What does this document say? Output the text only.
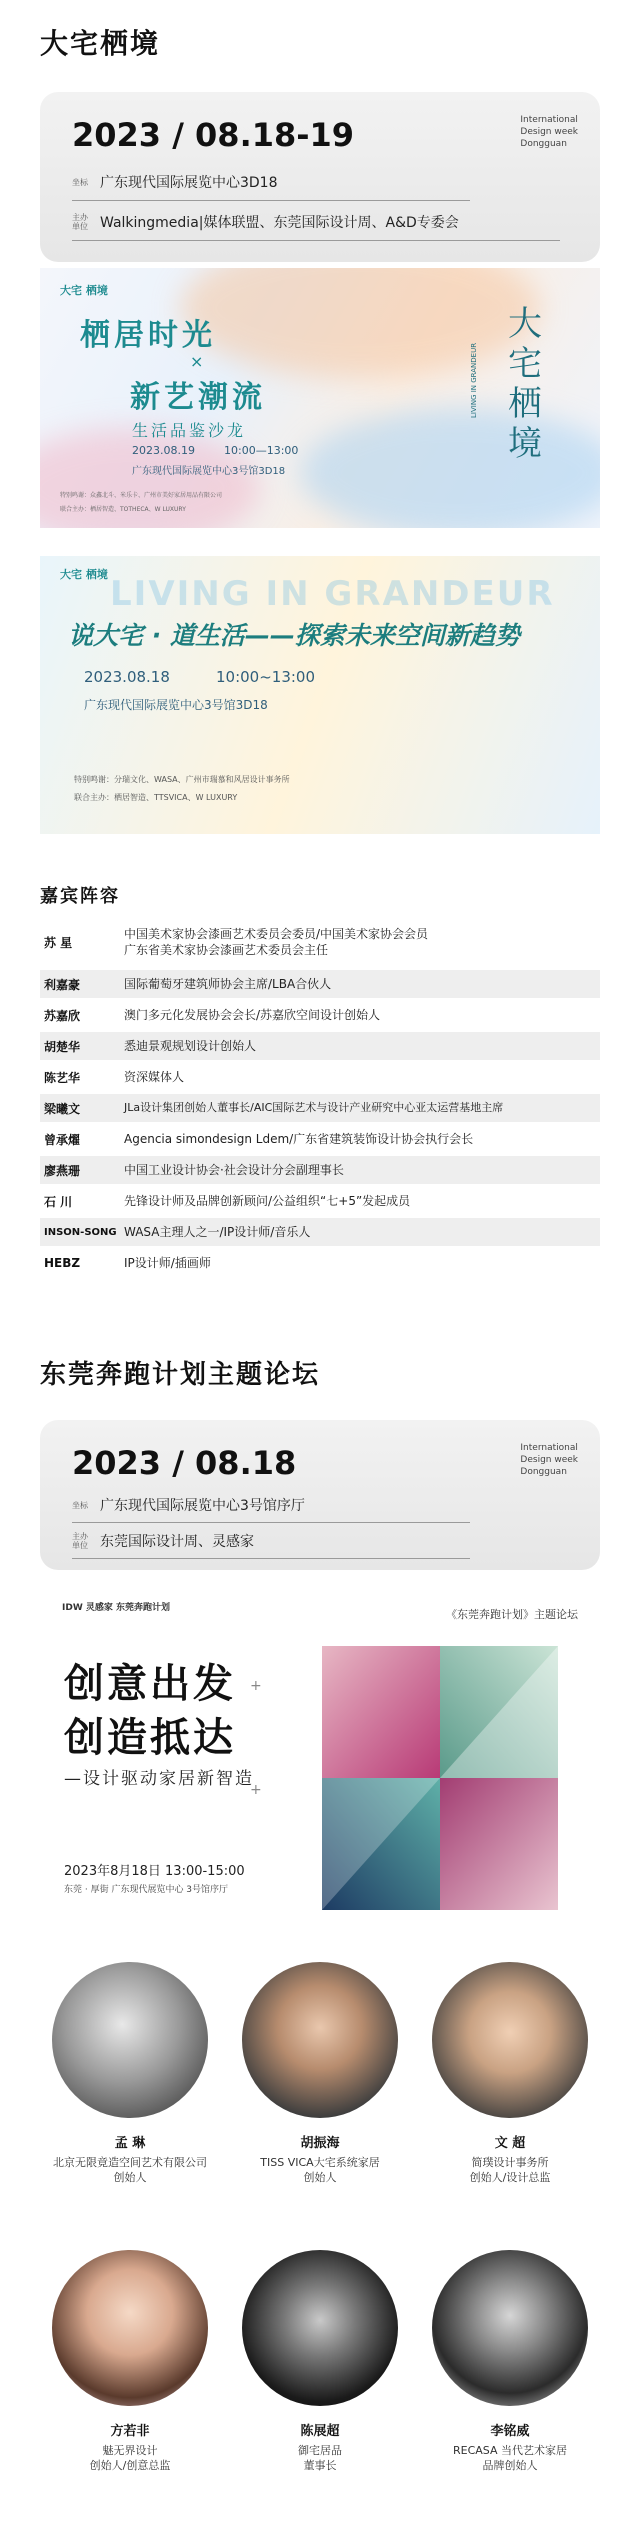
大宅栖境
2023 / 08.18-19	International
Design week
Dongguan
坐标 广东现代国际展览中心3D18
主办单位 Walkingmedia|媒体联盟、东莞国际设计周、A&D专委会
大宅 栖境
栖居时光
×
新艺潮流
生活品鉴沙龙
2023.08.19	10:00—13:00
广东现代国际展览中心3号馆3D18
特别鸣谢：众鑫北斗、米乐卡、广州市美好家居用品有限公司
联合主办：栖居智造、TOTHECA、W LUXURY
大宅栖境
LIVING IN GRANDEUR
LIVING IN GRANDEUR
大宅 栖境
说大宅 · 道生活——探索未来空间新趋势
2023.08.18	10:00~13:00
广东现代国际展览中心3号馆3D18
特别鸣谢：分瑞文化、WASA、广州市瑞慕和风居设计事务所
联合主办：栖居智造、TTSVICA、W LUXURY
嘉宾阵容
苏 星
中国美术家协会漆画艺术委员会委员/中国美术家协会会员
广东省美术家协会漆画艺术委员会主任
利嘉豪	国际葡萄牙建筑师协会主席/LBA合伙人
苏嘉欣	澳门多元化发展协会会长/苏嘉欣空间设计创始人
胡楚华	悉迪景观规划设计创始人
陈艺华	资深媒体人
梁曦文	JLa设计集团创始人董事长/AIC国际艺术与设计产业研究中心亚太运营基地主席
曾承燿	Agencia simondesign Ldem/广东省建筑装饰设计协会执行会长
廖燕珊	中国工业设计协会·社会设计分会副理事长
石 川	先锋设计师及品牌创新顾问/公益组织“七+5”发起成员
INSON-SONG WASA主理人之一/IP设计师/音乐人
HEBZ	IP设计师/插画师
东莞奔跑计划主题论坛
2023 / 08.18	International
Design week
Dongguan
坐标 广东现代国际展览中心3号馆序厅
主办单位 东莞国际设计周、灵感家
IDW 灵感家 东莞奔跑计划	《东莞奔跑计划》主题论坛
创意出发
创造抵达
—设计驱动家居新智造
+
+
2023年8月18日 13:00-15:00
东莞 · 厚街 广东现代展览中心 3号馆序厅
孟 琳
北京无限竟造空间艺术有限公司
创始人
胡振海
TISS VICA大宅系统家居
创始人
文 超
简璞设计事务所
创始人/设计总监
方若非
魅无界设计
创始人/创意总监
陈展超
御宅居品
董事长
李铭威
RECASA 当代艺术家居
品牌创始人
